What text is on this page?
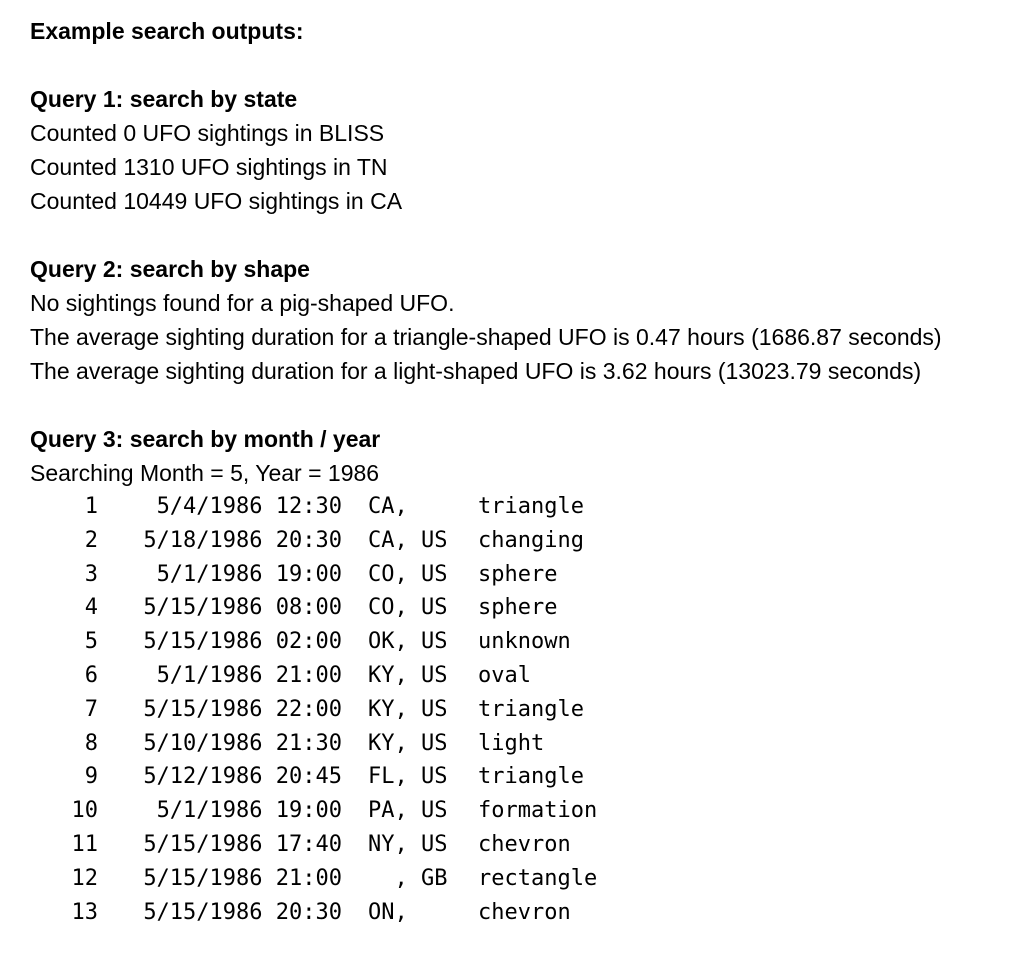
Example search outputs:
Query 1: search by state
Counted 0 UFO sightings in BLISS
Counted 1310 UFO sightings in TN
Counted 10449 UFO sightings in CA
Query 2: search by shape
No sightings found for a pig-shaped UFO.
The average sighting duration for a triangle-shaped UFO is 0.47 hours (1686.87 seconds)
The average sighting duration for a light-shaped UFO is 3.62 hours (13023.79 seconds)
Query 3: search by month / year
Searching Month = 5, Year = 1986
1	5/4/1986 12:30 CA,	triangle
2	5/18/1986 20:30 CA, US changing
3	5/1/1986 19:00 CO, US sphere
4	5/15/1986 08:00 CO, US sphere
5	5/15/1986 02:00 OK, US unknown
6	5/1/1986 21:00 KY, US oval
7	5/15/1986 22:00 KY, US triangle
8	5/10/1986 21:30 KY, US light
9	5/12/1986 20:45 FL, US triangle
10	5/1/1986 19:00 PA, US formation
11	5/15/1986 17:40 NY, US chevron
12	5/15/1986 21:00 , GB rectangle
13	5/15/1986 20:30 ON,	chevron
